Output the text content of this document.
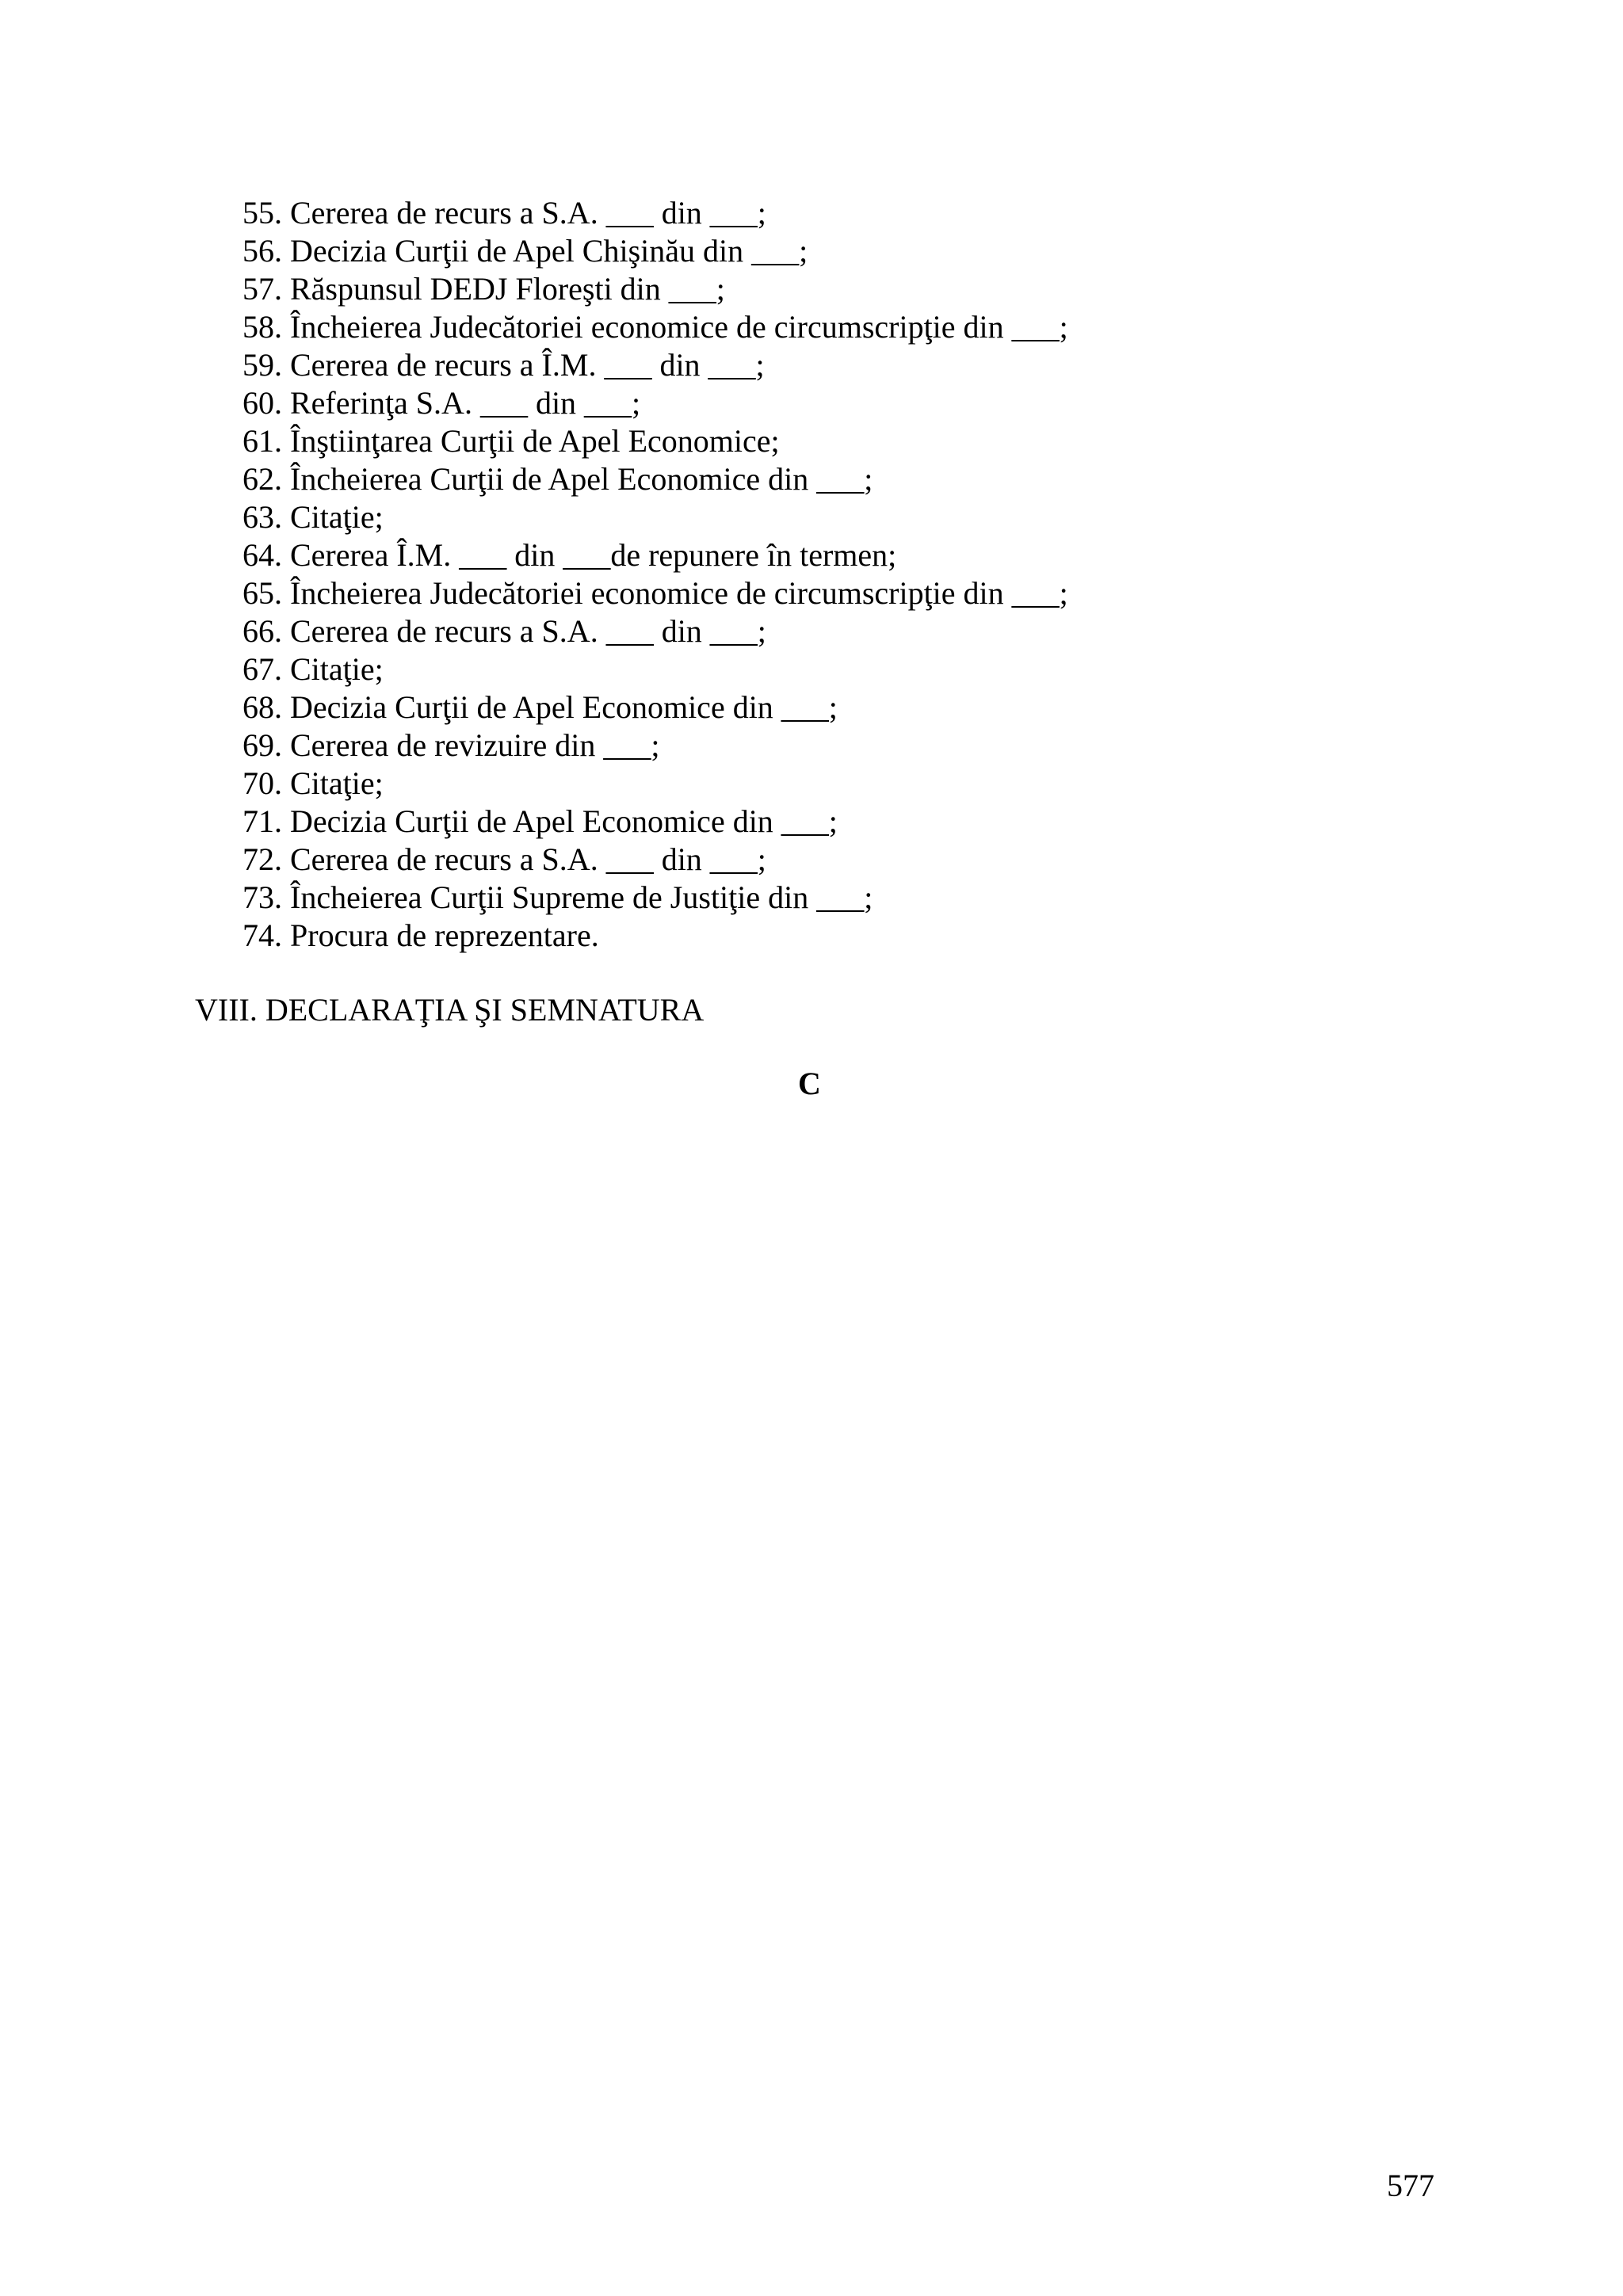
55. Cererea de recurs a S.A. ___ din ___;
56. Decizia Curţii de Apel Chişinău din ___;
57. Răspunsul DEDJ Floreşti din ___;
58. Încheierea Judecătoriei economice de circumscripţie din ___;
59. Cererea de recurs a Î.M. ___ din ___;
60. Referinţa S.A. ___ din ___;
61. Înştiinţarea Curţii de Apel Economice;
62. Încheierea Curţii de Apel Economice din ___;
63. Citaţie;
64. Cererea Î.M. ___ din ___de repunere în termen;
65. Încheierea Judecătoriei economice de circumscripţie din ___;
66. Cererea de recurs a S.A. ___ din ___;
67. Citaţie;
68. Decizia Curţii de Apel Economice din ___;
69. Cererea de revizuire din ___;
70. Citaţie;
71. Decizia Curţii de Apel Economice din ___;
72. Cererea de recurs a S.A. ___ din ___;
73. Încheierea Curţii Supreme de Justiţie din ___;
74. Procura de reprezentare.
VIII. DECLARAŢIA ŞI SEMNATURA
C
577
